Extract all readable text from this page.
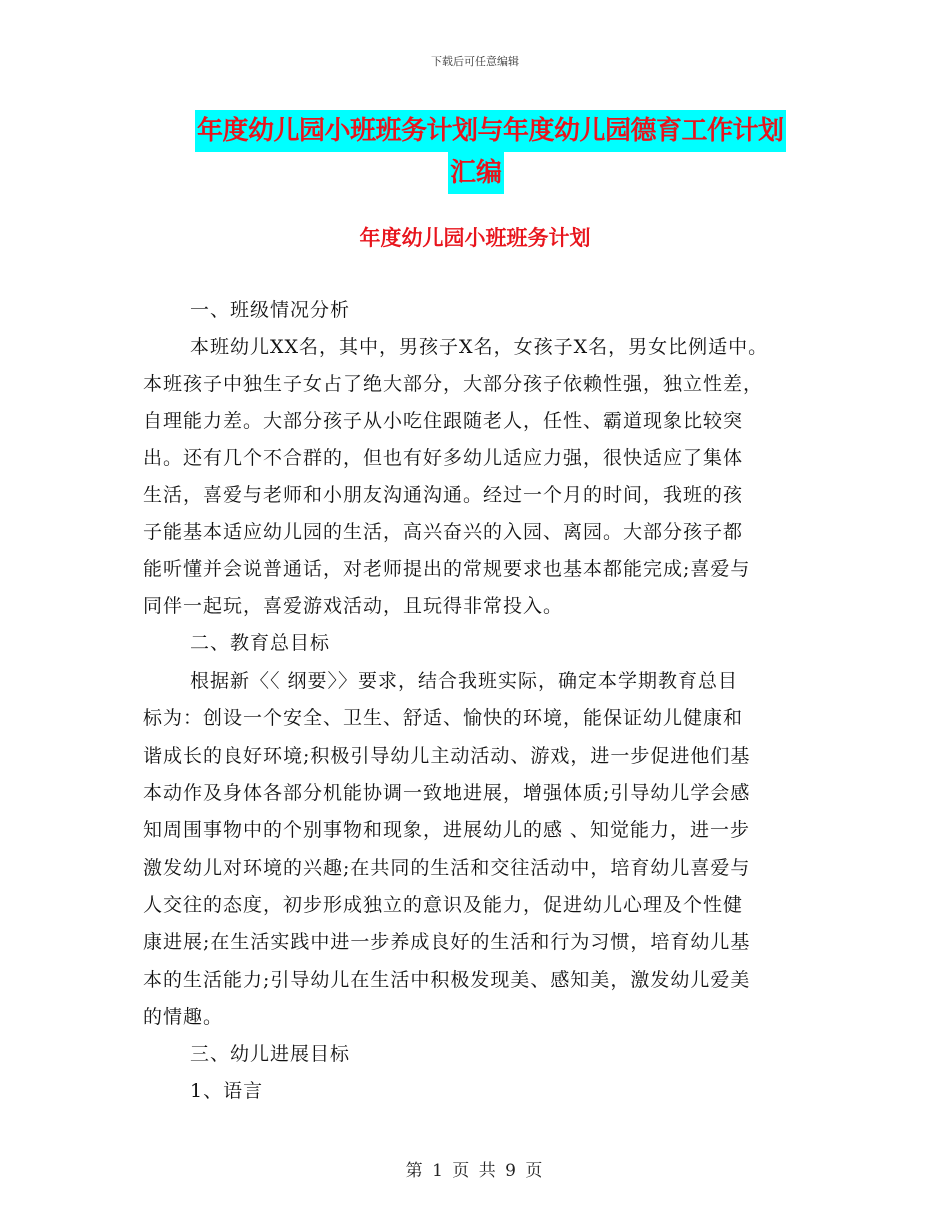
下载后可任意编辑
年度幼儿园小班班务计划与年度幼儿园德育工作计划
汇编
年度幼儿园小班班务计划
一、班级情况分析
本班幼儿XX名，其中，男孩子X名，女孩子X名，男女比例适中。
本班孩子中独生子女占了绝大部分，大部分孩子依赖性强，独立性差，
自理能力差。大部分孩子从小吃住跟随老人，任性、霸道现象比较突
出。还有几个不合群的，但也有好多幼儿适应力强，很快适应了集体
生活，喜爱与老师和小朋友沟通沟通。经过一个月的时间，我班的孩
子能基本适应幼儿园的生活，高兴奋兴的入园、离园。大部分孩子都
能听懂并会说普通话，对老师提出的常规要求也基本都能完成;喜爱与
同伴一起玩，喜爱游戏活动，且玩得非常投入。
二、教育总目标
根据新〈〈 纲要〉〉要求，结合我班实际，确定本学期教育总目
标为：创设一个安全、卫生、舒适、愉快的环境，能保证幼儿健康和
谐成长的良好环境;积极引导幼儿主动活动、游戏，进一步促进他们基
本动作及身体各部分机能协调一致地进展，增强体质;引导幼儿学会感
知周围事物中的个别事物和现象，进展幼儿的感 、知觉能力，进一步
激发幼儿对环境的兴趣;在共同的生活和交往活动中，培育幼儿喜爱与
人交往的态度，初步形成独立的意识及能力，促进幼儿心理及个性健
康进展;在生活实践中进一步养成良好的生活和行为习惯，培育幼儿基
本的生活能力;引导幼儿在生活中积极发现美、感知美，激发幼儿爱美
的情趣。
三、幼儿进展目标
1、语言
第 1 页 共 9 页
